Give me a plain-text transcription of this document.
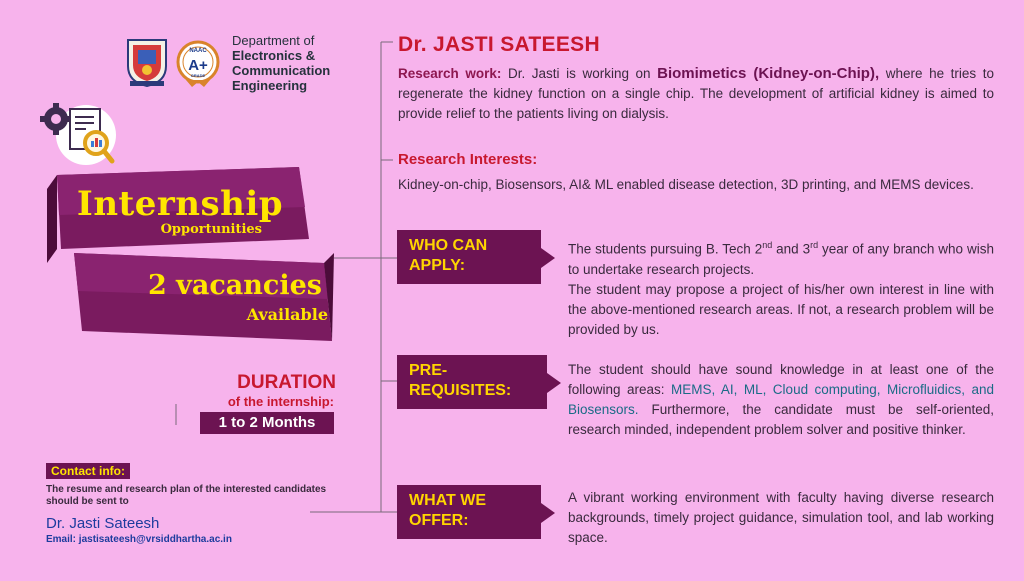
NAAC
A+
GRADE
Department of
Electronics &
Communication
Engineering
Internship
Opportunities
2 vacancies
Available
DURATION
of the internship:
1 to 2 Months
Contact info:
The resume and research plan of the interested candidates should be sent to
Dr. Jasti Sateesh
Email: jastisateesh@vrsiddhartha.ac.in
Dr. JASTI SATEESH
Research work: Dr. Jasti is working on Biomimetics (Kidney-on-Chip), where he tries to regenerate the kidney function on a single chip. The development of artificial kidney is aimed to provide relief to the patients living on dialysis.
Research Interests:
Kidney-on-chip, Biosensors, AI& ML enabled disease detection, 3D printing, and MEMS devices.
WHO CAN
APPLY:
The students pursuing B. Tech 2nd and 3rd year of any branch who wish to undertake research projects.
The student may propose a project of his/her own interest in line with the above-mentioned research areas. If not, a research problem will be provided by us.
PRE-
REQUISITES:
The student should have sound knowledge in at least one of the following areas: MEMS, AI, ML, Cloud computing, Microfluidics, and Biosensors. Furthermore, the candidate must be self-oriented, research minded, independent problem solver and positive thinker.
WHAT WE
OFFER:
A vibrant working environment with faculty having diverse research backgrounds, timely project guidance, simulation tool, and lab working space.
